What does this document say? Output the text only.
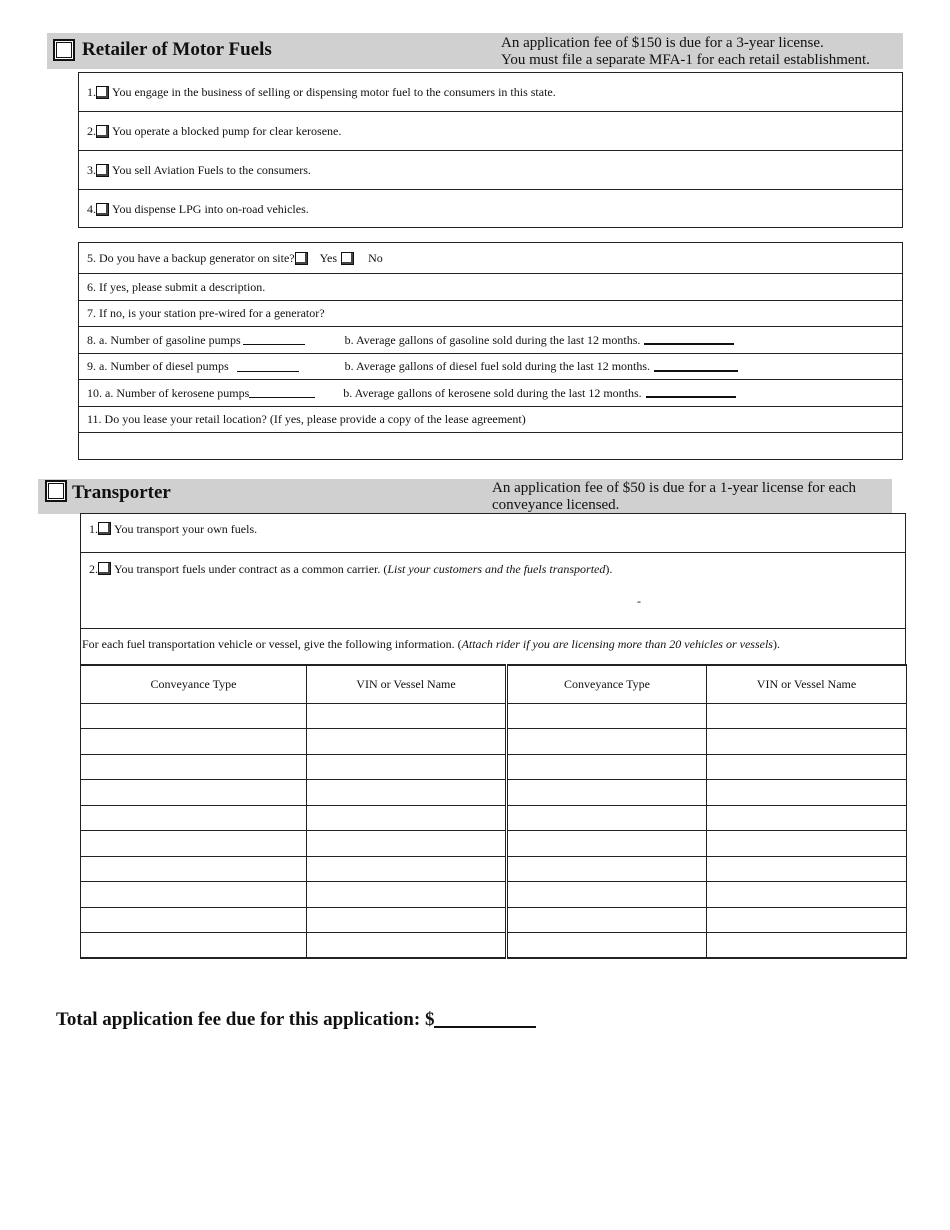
Retailer of Motor Fuels	An application fee of $150 is due for a 3-year license.
You must file a separate MFA-1 for each retail establishment.
1.
You engage in the business of selling or dispensing motor fuel to the consumers in this state.
2.
You operate a blocked pump for clear kerosene.
3.
You sell Aviation Fuels to the consumers.
4.
You dispense LPG into on-road vehicles.
5. Do you have a backup generator on site? Yes	No
6. If yes, please submit a description.
7. If no, is your station pre-wired for a generator?
8. a. Number of gasoline pumps	b. Average gallons of gasoline sold during the last 12 months.
9. a. Number of diesel pumps	b. Average gallons of diesel fuel sold during the last 12 months.
10. a. Number of kerosene pumps	b. Average gallons of kerosene sold during the last 12 months.
11. Do you lease your retail location? (If yes, please provide a copy of the lease agreement)
Transporter	An application fee of $50 is due for a 1-year license for each
conveyance licensed.
1. You transport your own fuels.
2. You transport fuels under contract as a common carrier. (List your customers and the fuels transported).
-
For each fuel transportation vehicle or vessel, give the following information. (Attach rider if you are licensing more than 20 vehicles or vessels).
Conveyance Type	VIN or Vessel Name	Conveyance Type	VIN or Vessel Name

Total application fee due for this application: $
